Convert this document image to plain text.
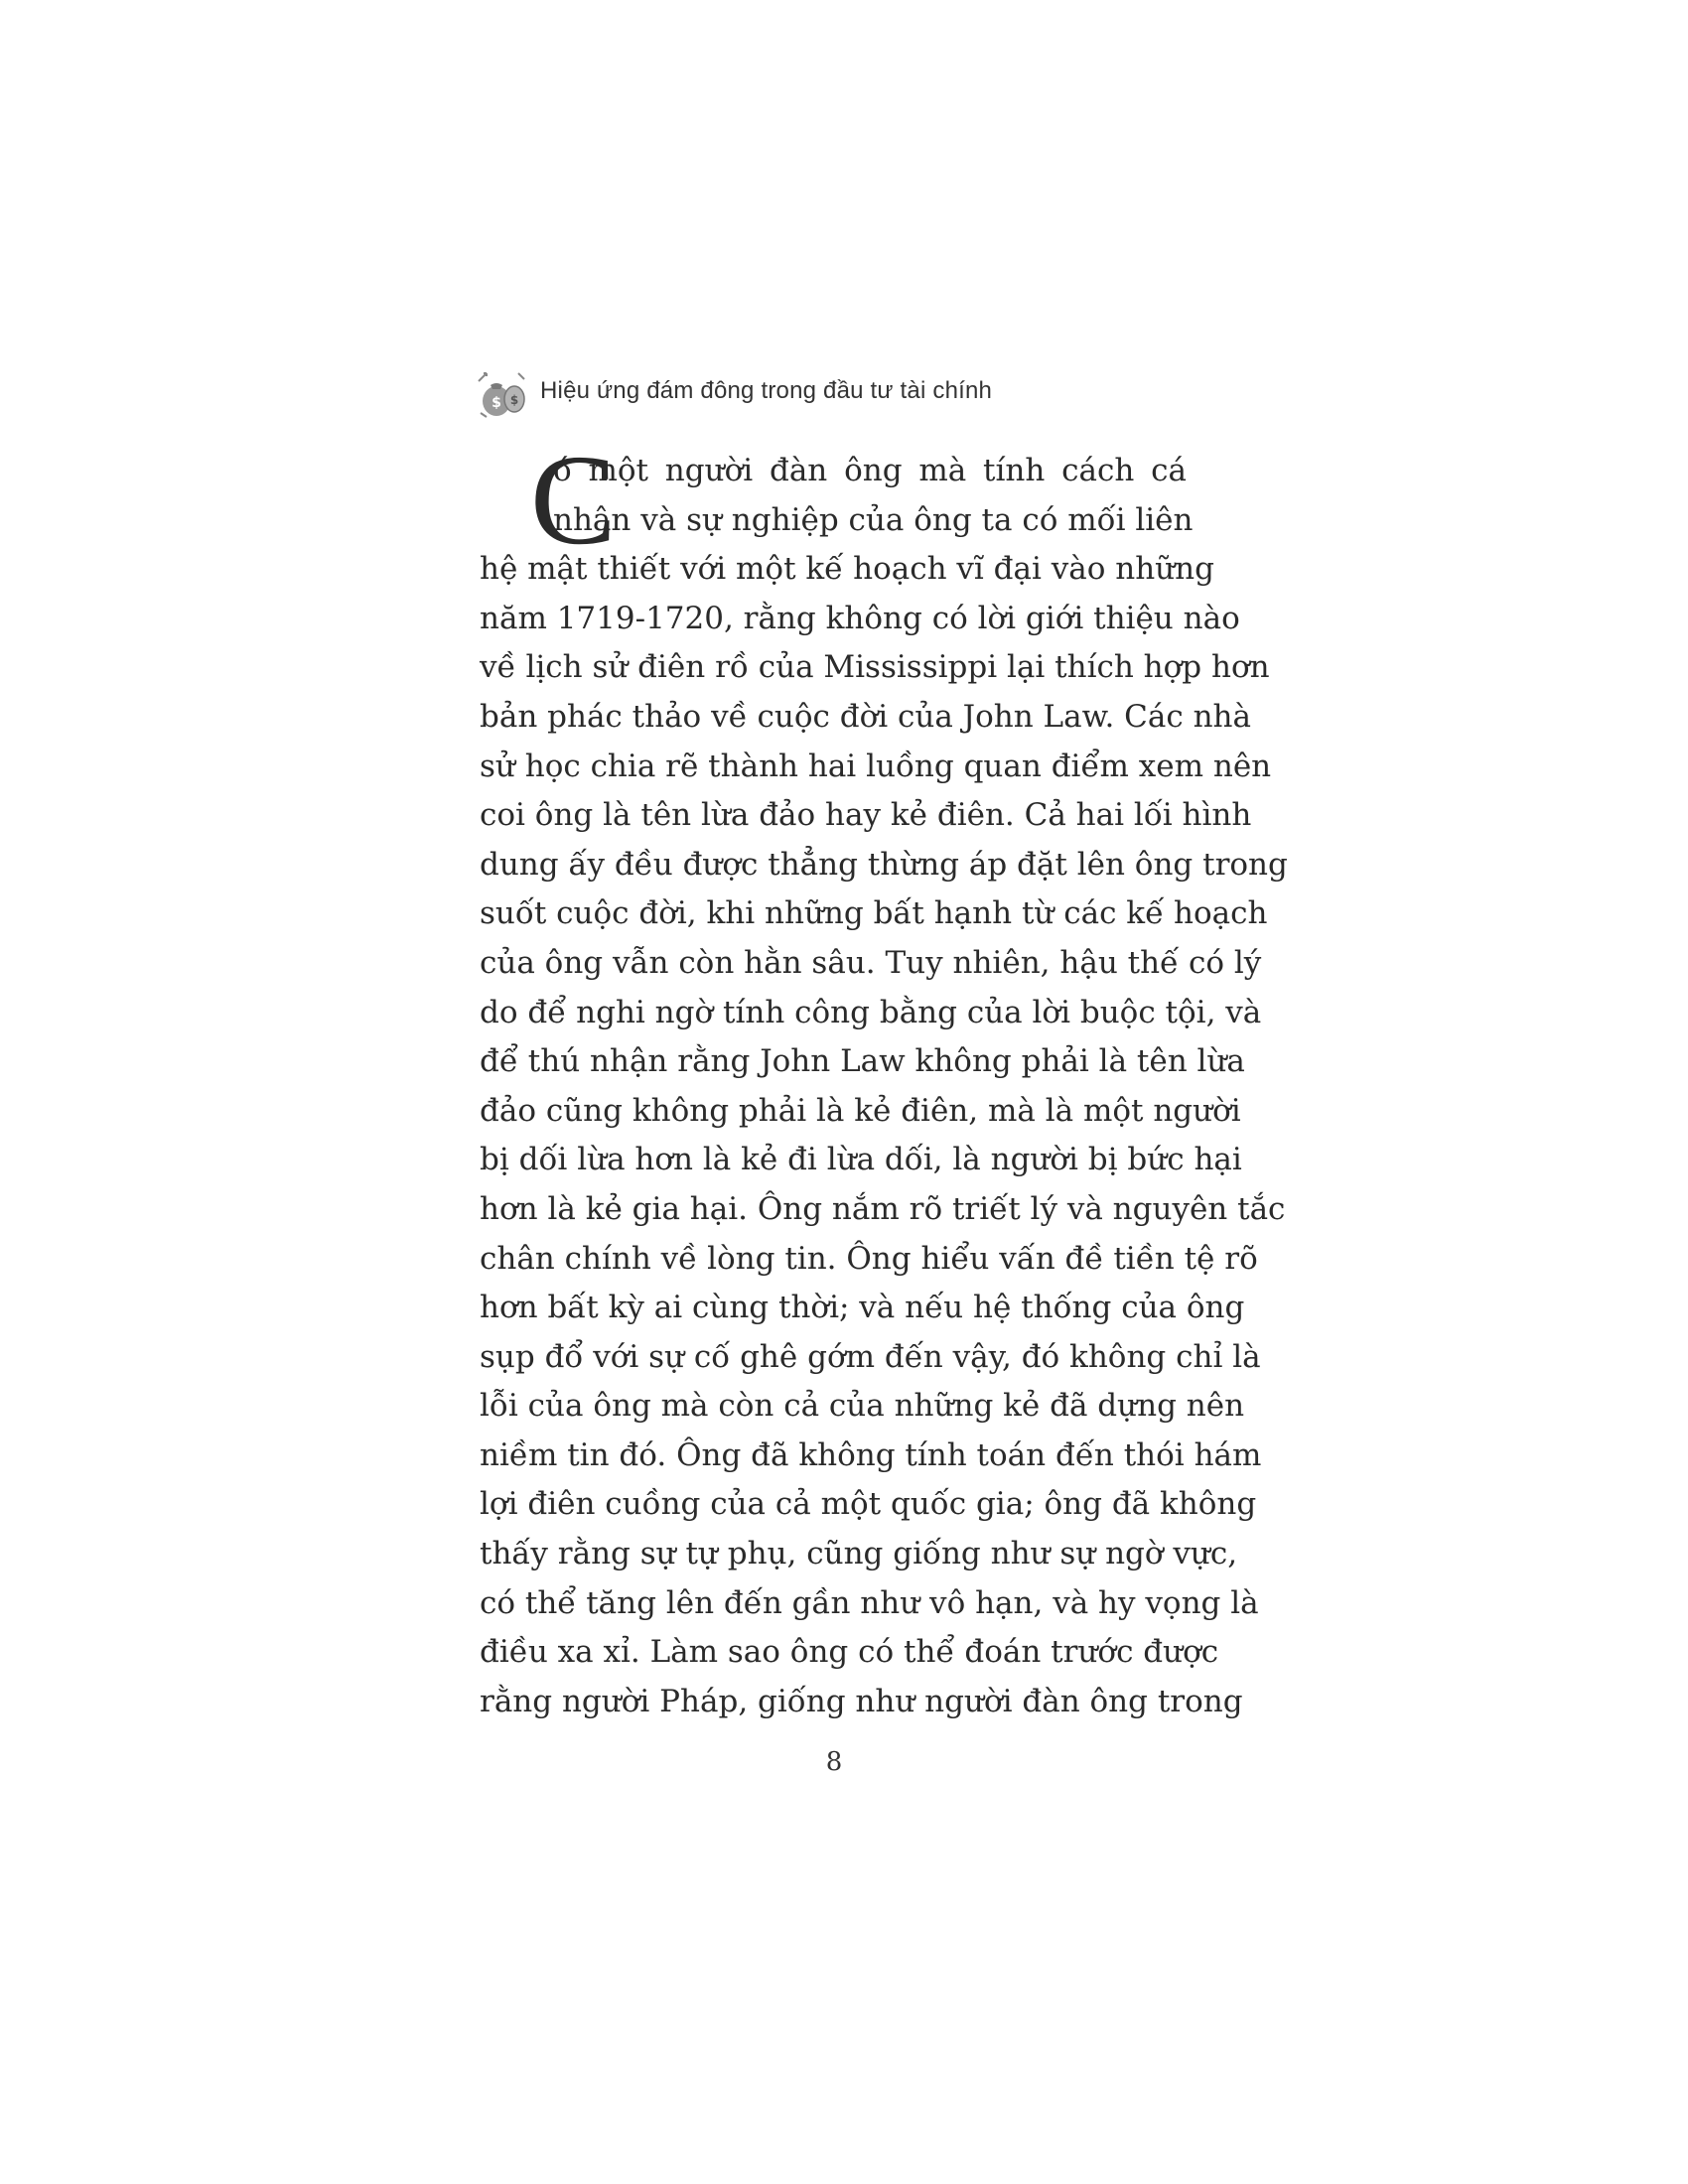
$ $ Hiệu ứng đám đông trong đầu tư tài chính
C
ó một người đàn ông mà tính cách cá
nhân và sự nghiệp của ông ta có mối liên
hệ mật thiết với một kế hoạch vĩ đại vào những
năm 1719-1720, rằng không có lời giới thiệu nào
về lịch sử điên rồ của Mississippi lại thích hợp hơn
bản phác thảo về cuộc đời của John Law. Các nhà
sử học chia rẽ thành hai luồng quan điểm xem nên
coi ông là tên lừa đảo hay kẻ điên. Cả hai lối hình
dung ấy đều được thẳng thừng áp đặt lên ông trong
suốt cuộc đời, khi những bất hạnh từ các kế hoạch
của ông vẫn còn hằn sâu. Tuy nhiên, hậu thế có lý
do để nghi ngờ tính công bằng của lời buộc tội, và
để thú nhận rằng John Law không phải là tên lừa
đảo cũng không phải là kẻ điên, mà là một người
bị dối lừa hơn là kẻ đi lừa dối, là người bị bức hại
hơn là kẻ gia hại. Ông nắm rõ triết lý và nguyên tắc
chân chính về lòng tin. Ông hiểu vấn đề tiền tệ rõ
hơn bất kỳ ai cùng thời; và nếu hệ thống của ông
sụp đổ với sự cố ghê gớm đến vậy, đó không chỉ là
lỗi của ông mà còn cả của những kẻ đã dựng nên
niềm tin đó. Ông đã không tính toán đến thói hám
lợi điên cuồng của cả một quốc gia; ông đã không
thấy rằng sự tự phụ, cũng giống như sự ngờ vực,
có thể tăng lên đến gần như vô hạn, và hy vọng là
điều xa xỉ. Làm sao ông có thể đoán trước được
rằng người Pháp, giống như người đàn ông trong
8
